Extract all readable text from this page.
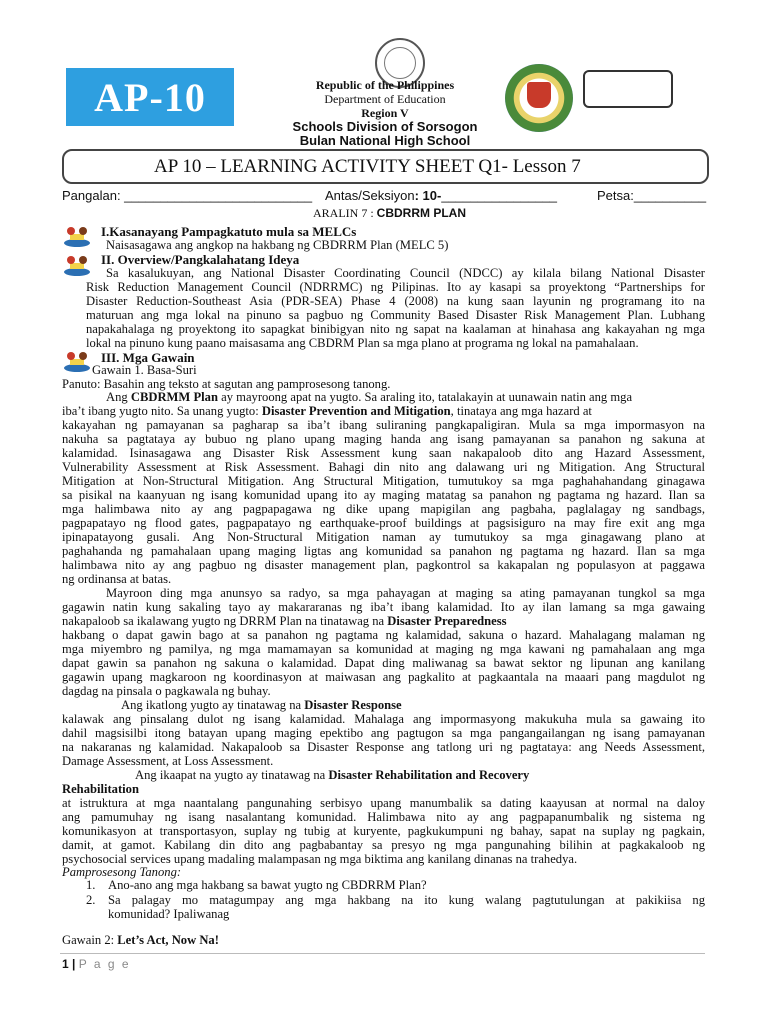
AP-10	Republic of the Philippines
Department of Education
Region V
Schools Division of Sorsogon
Bulan National High School
AP 10 – LEARNING ACTIVITY SHEET Q1- Lesson 7
Pangalan: __________________________ Antas/Seksiyon: 10-________________	Petsa:__________
ARALIN 7 : CBDRRM PLAN
I.Kasanayang Pampagkatuto mula sa MELCs
Naisasagawa ang angkop na hakbang ng CBDRRM Plan (MELC 5)
II. Overview/Pangkalahatang Ideya
Sa kasalukuyan, ang National Disaster Coordinating Council (NDCC) ay kilala bilang National Disaster
Risk Reduction Management Council (NDRRMC) ng Pilipinas. Ito ay kasapi sa proyektong “Partnerships for
Disaster Reduction-Southeast Asia (PDR-SEA) Phase 4 (2008) na kung saan layunin ng programang ito na
maturuan ang mga lokal na pinuno sa pagbuo ng Community Based Disaster Risk Management Plan. Lubhang
napakahalaga ng proyektong ito sapagkat binibigyan nito ng sapat na kaalaman at hinahasa ang kakayahan ng mga
lokal na pinuno kung paano maisasama ang CBDRM Plan sa mga plano at programa ng lokal na pamahalaan.
III. Mga Gawain
Gawain 1. Basa-Suri
Panuto: Basahin ang teksto at sagutan ang pamprosesong tanong.
Ang CBDRMM Plan ay mayroong apat na yugto. Sa araling ito, tatalakayin at uunawain natin ang mga
iba’t ibang yugto nito. Sa unang yugto: Disaster Prevention and Mitigation, tinataya ang mga hazard at
kakayahan ng pamayanan sa pagharap sa iba’t ibang suliraning pangkapaligiran. Mula sa mga impormasyon na
nakuha sa pagtataya ay bubuo ng plano upang maging handa ang isang pamayanan sa panahon ng sakuna at
kalamidad. Isinasagawa ang Disaster Risk Assessment kung saan nakapaloob dito ang Hazard Assessment,
Vulnerability Assessment at Risk Assessment. Bahagi din nito ang dalawang uri ng Mitigation. Ang Structural
Mitigation at Non-Structural Mitigation. Ang Structural Mitigation, tumutukoy sa mga paghahahandang ginagawa
sa pisikal na kaanyuan ng isang komunidad upang ito ay maging matatag sa panahon ng pagtama ng hazard. Ilan sa
mga halimbawa nito ay ang pagpapagawa ng dike upang mapigilan ang pagbaha, paglalagay ng sandbags,
pagpapatayo ng flood gates, pagpapatayo ng earthquake-proof buildings at pagsisiguro na may fire exit ang mga
ipinapatayong gusali. Ang Non-Structural Mitigation naman ay tumutukoy sa mga ginagawang plano at
paghahanda ng pamahalaan upang maging ligtas ang komunidad sa panahon ng pagtama ng hazard. Ilan sa mga
halimbawa nito ay ang pagbuo ng disaster management plan, pagkontrol sa kakapalan ng populasyon at paggawa
ng ordinansa at batas.
Mayroon ding mga anunsyo sa radyo, sa mga pahayagan at maging sa ating pamayanan tungkol sa mga
gagawin natin kung sakaling tayo ay makararanas ng iba’t ibang kalamidad. Ito ay ilan lamang sa mga gawaing
nakapaloob sa ikalawang yugto ng DRRM Plan na tinatawag na Disaster Preparedness
hakbang o dapat gawin bago at sa panahon ng pagtama ng kalamidad, sakuna o hazard. Mahalagang malaman ng
mga miyembro ng pamilya, ng mga mamamayan sa komunidad at maging ng mga kawani ng pamahalaan ang mga
dapat gawin sa panahon ng sakuna o kalamidad. Dapat ding maliwanag sa bawat sektor ng lipunan ang kanilang
gagawin upang magkaroon ng koordinasyon at maiwasan ang pagkalito at pagkaantala na maaari pang magdulot ng
dagdag na pinsala o pagkawala ng buhay.
Ang ikatlong yugto ay tinatawag na Disaster Response
kalawak ang pinsalang dulot ng isang kalamidad. Mahalaga ang impormasyong makukuha mula sa gawaing ito
dahil magsisilbi itong batayan upang maging epektibo ang pagtugon sa mga pangangailangan ng isang pamayanan
na nakaranas ng kalamidad. Nakapaloob sa Disaster Response ang tatlong uri ng pagtataya: ang Needs Assessment,
Damage Assessment, at Loss Assessment.
Ang ikaapat na yugto ay tinatawag na Disaster Rehabilitation and Recovery
Rehabilitation
at istruktura at mga naantalang pangunahing serbisyo upang manumbalik sa dating kaayusan at normal na daloy
ang pamumuhay ng isang nasalantang komunidad. Halimbawa nito ay ang pagpapanumbalik ng sistema ng
komunikasyon at transportasyon, suplay ng tubig at kuryente, pagkukumpuni ng bahay, sapat na suplay ng pagkain,
damit, at gamot. Kabilang din dito ang pagbabantay sa presyo ng mga pangunahing bilihin at pagkakaloob ng
psychosocial services upang madaling malampasan ng mga biktima ang kanilang dinanas na trahedya.
Pamprosesong Tanong:
1. Ano-ano ang mga hakbang sa bawat yugto ng CBDRRM Plan?
2. Sa palagay mo matagumpay ang mga hakbang na ito kung walang pagtutulungan at pakikiisa ng
komunidad? Ipaliwanag
Gawain 2: Let’s Act, Now Na!
1 | P a g e
